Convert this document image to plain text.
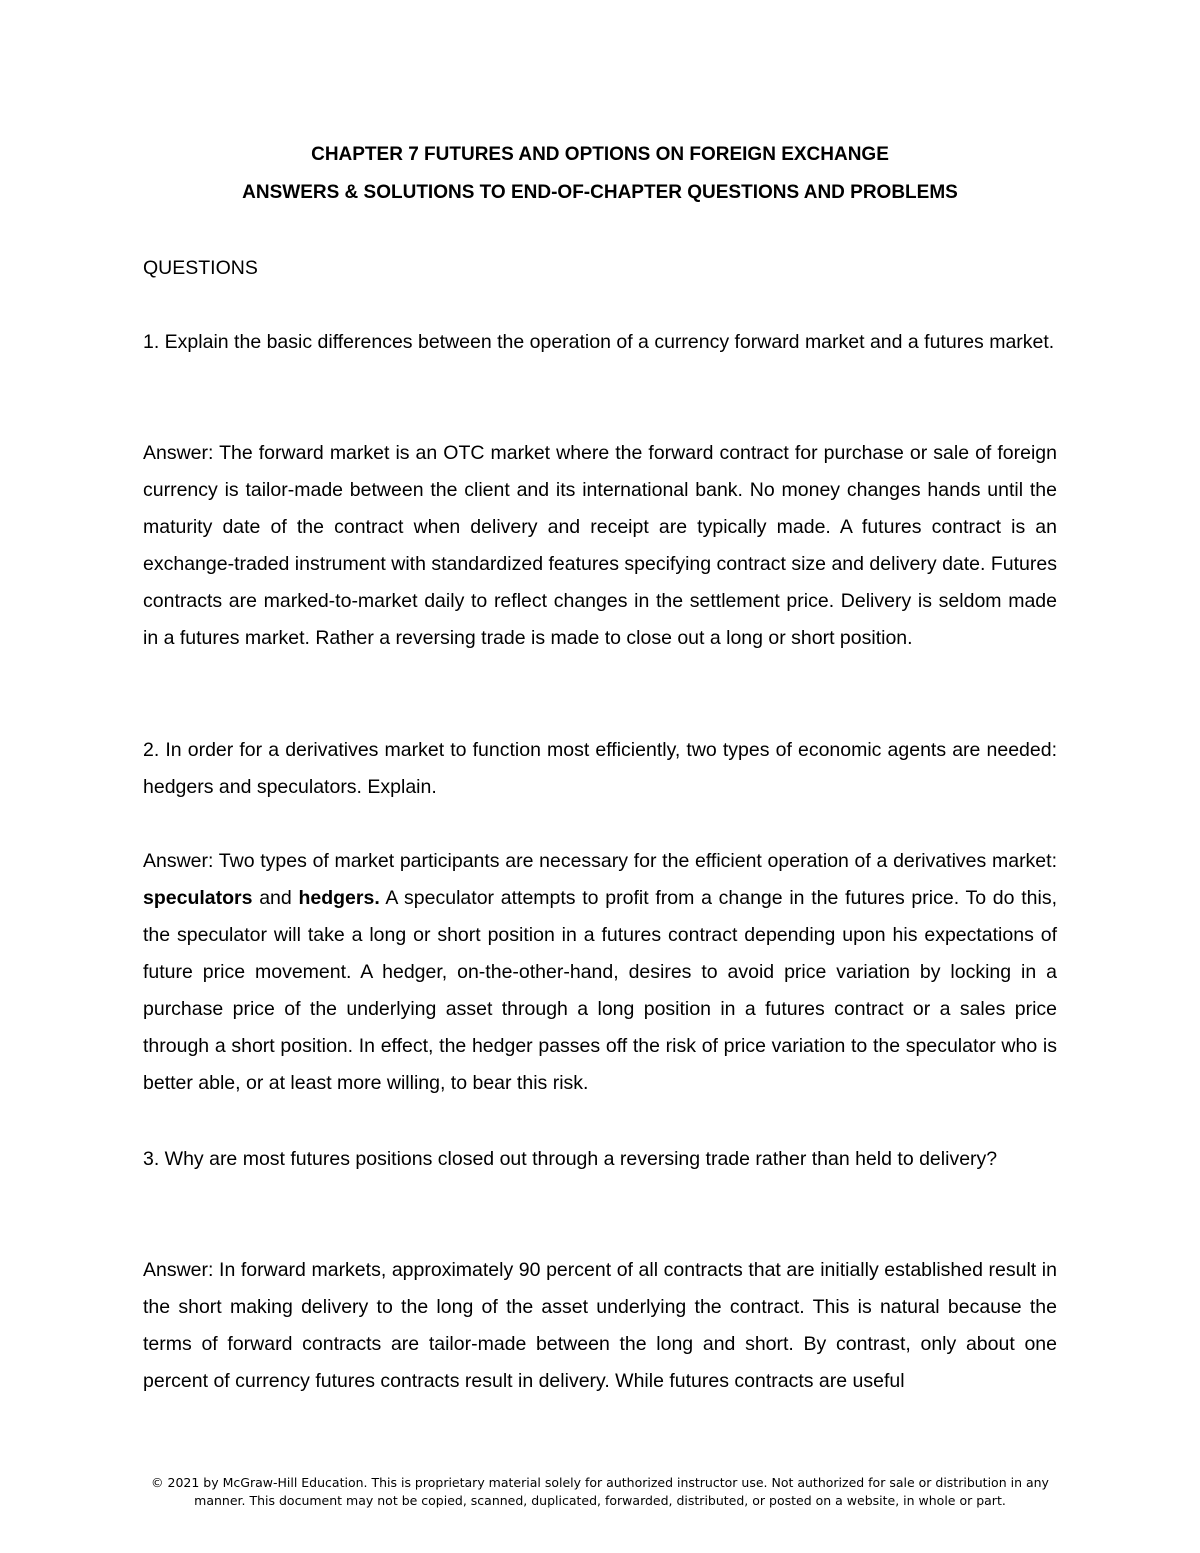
CHAPTER 7 FUTURES AND OPTIONS ON FOREIGN EXCHANGE
ANSWERS & SOLUTIONS TO END-OF-CHAPTER QUESTIONS AND PROBLEMS
QUESTIONS

1. Explain the basic differences between the operation of a currency forward market and a futures market.

Answer: The forward market is an OTC market where the forward contract for purchase or sale of foreign currency is tailor-made between the client and its international bank. No money changes hands until the maturity date of the contract when delivery and receipt are typically made. A futures contract is an exchange-traded instrument with standardized features specifying contract size and delivery date. Futures contracts are marked-to-market daily to reflect changes in the settlement price. Delivery is seldom made in a futures market. Rather a reversing trade is made to close out a long or short position.

2. In order for a derivatives market to function most efficiently, two types of economic agents are needed: hedgers and speculators. Explain.

Answer: Two types of market participants are necessary for the efficient operation of a derivatives market: speculators and hedgers. A speculator attempts to profit from a change in the futures price. To do this, the speculator will take a long or short position in a futures contract depending upon his expectations of future price movement. A hedger, on-the-other-hand, desires to avoid price variation by locking in a purchase price of the underlying asset through a long position in a futures contract or a sales price through a short position. In effect, the hedger passes off the risk of price variation to the speculator who is better able, or at least more willing, to bear this risk.

3. Why are most futures positions closed out through a reversing trade rather than held to delivery?

Answer: In forward markets, approximately 90 percent of all contracts that are initially established result in the short making delivery to the long of the asset underlying the contract. This is natural because the terms of forward contracts are tailor-made between the long and short. By contrast, only about one percent of currency futures contracts result in delivery. While futures contracts are useful

© 2021 by McGraw-Hill Education. This is proprietary material solely for authorized instructor use. Not authorized for sale or distribution in any
manner. This document may not be copied, scanned, duplicated, forwarded, distributed, or posted on a website, in whole or part.
